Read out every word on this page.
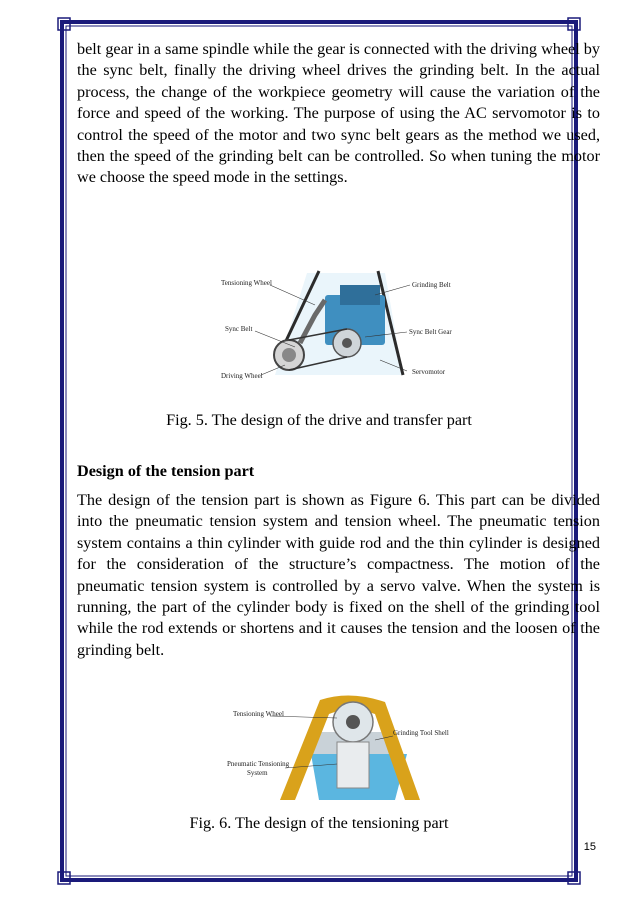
belt gear in a same spindle while the gear is connected with the driving wheel by the sync belt, finally the driving wheel drives the grinding belt. In the actual process, the change of the workpiece geometry will cause the variation of the force and speed of the working. The purpose of using the AC servomotor is to control the speed of the motor and two sync belt gears as the method we used, then the speed of the grinding belt can be controlled. So when tuning the motor we choose the speed mode in the settings.

Tensioning Wheel
Sync Belt
Driving Wheel
Grinding Belt
Sync Belt Gear
Servomotor
Fig. 5. The design of the drive and transfer part
Design of the tension part

The design of the tension part is shown as Figure 6. This part can be divided into the pneumatic tension system and tension wheel. The pneumatic tension system contains a thin cylinder with guide rod and the thin cylinder is designed for the consideration of the structure’s compactness. The motion of the pneumatic tension system is controlled by a servo valve. When the system is running, the part of the cylinder body is fixed on the shell of the grinding tool while the rod extends or shortens and it causes the tension and the loosen of the grinding belt.

Tensioning Wheel
Grinding Tool Shell
Pneumatic Tensioning
System
Fig. 6. The design of the tensioning part
15
